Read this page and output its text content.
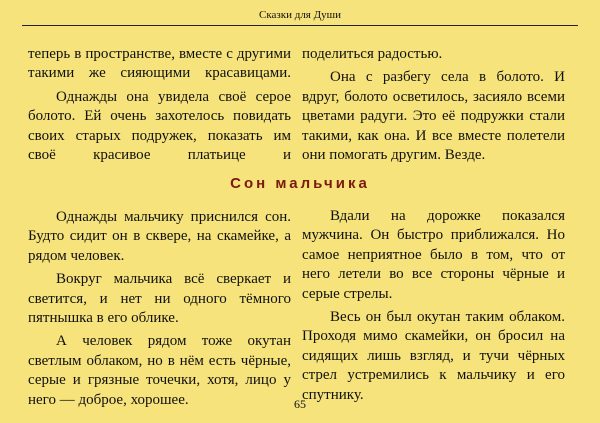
Сказки для Души

теперь в пространстве, вместе с другими такими же сияющими красавицами.

Однажды она увидела своё серое болото. Ей очень захотелось повидать своих старых подружек, показать им своё красивое платьице и

поделиться радостью.

Она с разбегу села в болото. И вдруг, болото осветилось, засияло всеми цветами радуги. Это её подружки стали такими, как она. И все вместе полетели они помогать другим. Везде.

Сон мальчика

Однажды мальчику приснился сон. Будто сидит он в сквере, на скамейке, а рядом человек.

Вокруг мальчика всё сверкает и светится, и нет ни одного тёмного пятнышка в его облике.

А человек рядом тоже окутан светлым облаком, но в нём есть чёрные, серые и грязные точечки, хотя, лицо у него — доброе, хорошее.

Вдали на дорожке показался мужчина. Он быстро приближался. Но самое неприятное было в том, что от него летели во все стороны чёрные и серые стрелы.

Весь он был окутан таким облаком. Проходя мимо скамейки, он бросил на сидящих лишь взгляд, и тучи чёрных стрел устремились к мальчику и его спутнику.

65
